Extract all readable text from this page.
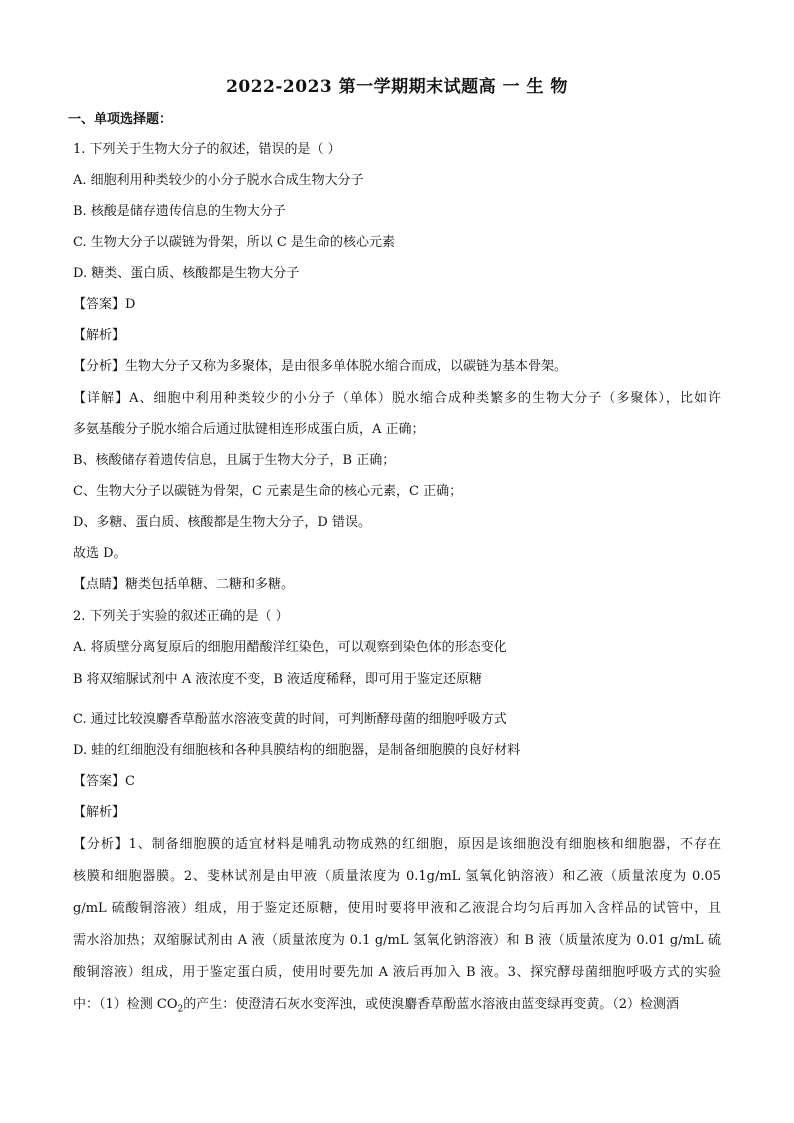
2022-2023 第一学期期末试题高 一 生 物
一、单项选择题：
1. 下列关于生物大分子的叙述，错误的是（ ）
A. 细胞利用种类较少的小分子脱水合成生物大分子
B. 核酸是储存遗传信息的生物大分子
C. 生物大分子以碳链为骨架，所以 C 是生命的核心元素
D. 糖类、蛋白质、核酸都是生物大分子
【答案】D
【解析】
【分析】生物大分子又称为多聚体，是由很多单体脱水缩合而成，以碳链为基本骨架。
【详解】A、细胞中利用种类较少的小分子（单体）脱水缩合成种类繁多的生物大分子（多聚体），比如许
多氨基酸分子脱水缩合后通过肽键相连形成蛋白质，A 正确；
B、核酸储存着遗传信息，且属于生物大分子，B 正确；
C、生物大分子以碳链为骨架，C 元素是生命的核心元素，C 正确；
D、多糖、蛋白质、核酸都是生物大分子，D 错误。
故选 D。
【点睛】糖类包括单糖、二糖和多糖。
2. 下列关于实验的叙述正确的是（ ）
A. 将质壁分离复原后的细胞用醋酸洋红染色，可以观察到染色体的形态变化
B 将双缩脲试剂中 A 液浓度不变，B 液适度稀释，即可用于鉴定还原糖
C. 通过比较溴麝香草酚蓝水溶液变黄的时间，可判断酵母菌的细胞呼吸方式
D. 蛙的红细胞没有细胞核和各种具膜结构的细胞器，是制备细胞膜的良好材料
【答案】C
【解析】
【分析】1、制备细胞膜的适宜材料是哺乳动物成熟的红细胞，原因是该细胞没有细胞核和细胞器，不存在
核膜和细胞器膜。2、斐林试剂是由甲液（质量浓度为 0.1g/mL 氢氧化钠溶液）和乙液（质量浓度为 0.05
g/mL 硫酸铜溶液）组成，用于鉴定还原糖，使用时要将甲液和乙液混合均匀后再加入含样品的试管中，且
需水浴加热；双缩脲试剂由 A 液（质量浓度为 0.1 g/mL 氢氧化钠溶液）和 B 液（质量浓度为 0.01 g/mL 硫
酸铜溶液）组成，用于鉴定蛋白质，使用时要先加 A 液后再加入 B 液。3、探究酵母菌细胞呼吸方式的实验
中：（1）检测 $CO_2$的产生：使澄清石灰水变浑浊，或使溴麝香草酚蓝水溶液由蓝变绿再变黄。（2）检测酒
